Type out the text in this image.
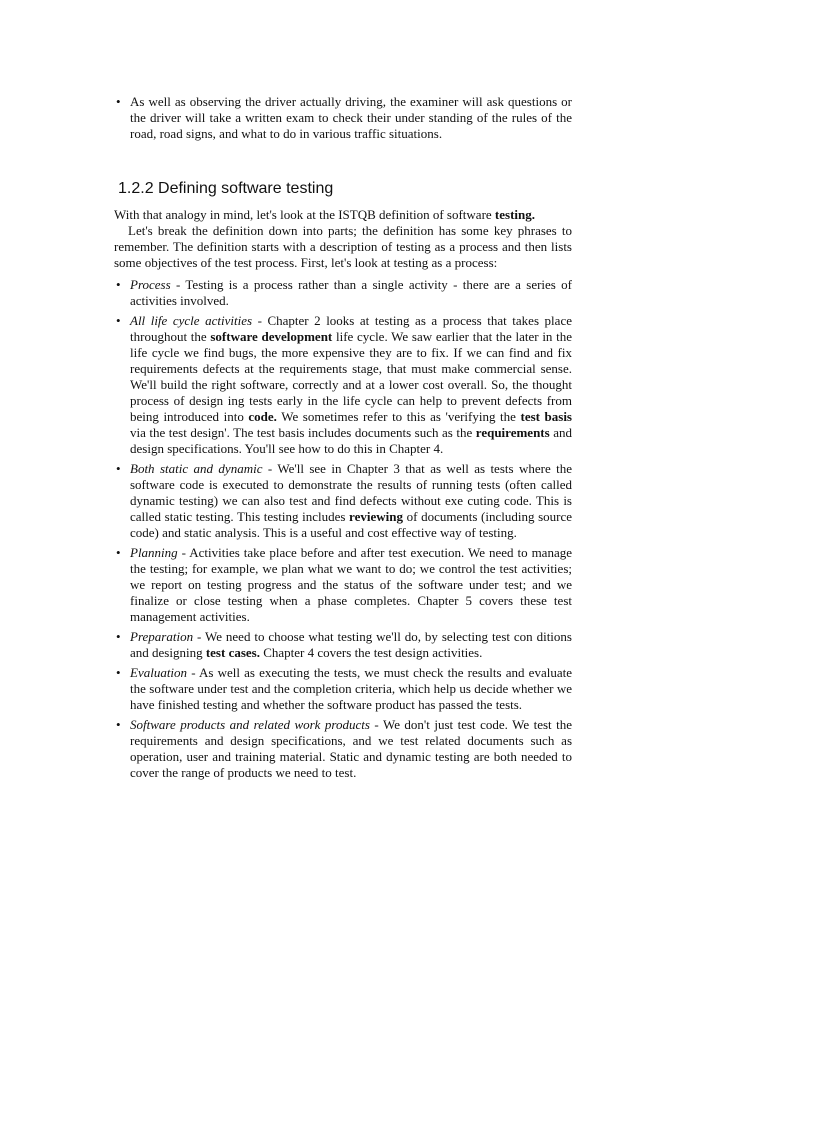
• As well as observing the driver actually driving, the examiner will ask questions or the driver will take a written exam to check their under standing of the rules of the road, road signs, and what to do in various traffic situations.
1.2.2 Defining software testing

With that analogy in mind, let's look at the ISTQB definition of software testing.

Let's break the definition down into parts; the definition has some key phrases to remember. The definition starts with a description of testing as a process and then lists some objectives of the test process. First, let's look at testing as a process:

• Process - Testing is a process rather than a single activity - there are a series of activities involved.
• All life cycle activities - Chapter 2 looks at testing as a process that takes place throughout the software development life cycle. We saw earlier that the later in the life cycle we find bugs, the more expensive they are to fix. If we can find and fix requirements defects at the requirements stage, that must make commercial sense. We'll build the right software, correctly and at a lower cost overall. So, the thought process of design ing tests early in the life cycle can help to prevent defects from being introduced into code. We sometimes refer to this as 'verifying the test basis via the test design'. The test basis includes documents such as the requirements and design specifications. You'll see how to do this in Chapter 4.
• Both static and dynamic - We'll see in Chapter 3 that as well as tests where the software code is executed to demonstrate the results of running tests (often called dynamic testing) we can also test and find defects without exe cuting code. This is called static testing. This testing includes reviewing of documents (including source code) and static analysis. This is a useful and cost effective way of testing.
• Planning - Activities take place before and after test execution. We need to manage the testing; for example, we plan what we want to do; we control the test activities; we report on testing progress and the status of the software under test; and we finalize or close testing when a phase completes. Chapter 5 covers these test management activities.
• Preparation - We need to choose what testing we'll do, by selecting test con ditions and designing test cases. Chapter 4 covers the test design activities.
• Evaluation - As well as executing the tests, we must check the results and evaluate the software under test and the completion criteria, which help us decide whether we have finished testing and whether the software product has passed the tests.
• Software products and related work products - We don't just test code. We test the requirements and design specifications, and we test related documents such as operation, user and training material. Static and dynamic testing are both needed to cover the range of products we need to test.
